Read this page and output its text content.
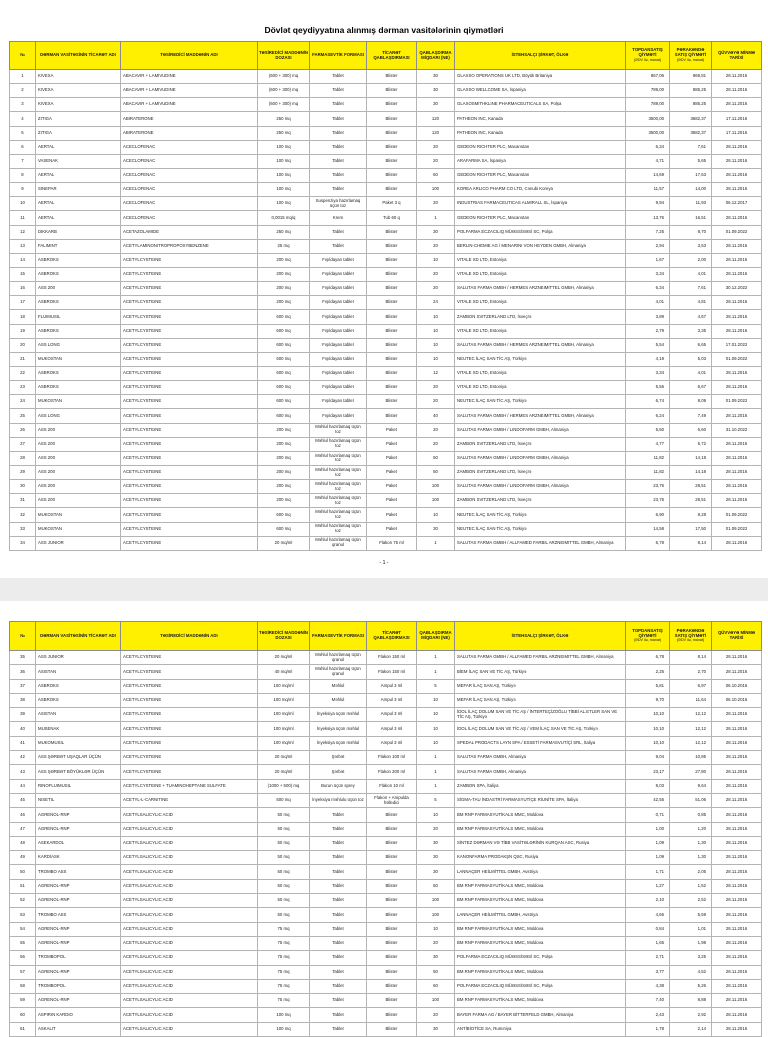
Dövlət qeydiyyatına alınmış dərman vasitələrinin qiymətləri
№	DƏRMAN VASİTƏSİNİN TİCARƏT ADI	TƏSİREDİCİ MADDƏNİN ADI	TƏSİREDİCİ MADDƏNİN DOZASI	FARMASEVTİK FORMASI	TİCARƏT QABLAŞDIRMASI	QABLAŞDIRMA MİQDARI (NE)	İSTEHSALÇI ŞİRKƏT, ÖLKƏ	TOPDANSATIŞ QİYMƏTİ
(ƏDV ilə, manat)	PƏRAKƏNDƏ SATIŞ QİYMƏTİ
(ƏDV ilə, manat)	QÜVVƏYƏ MİNMƏ TARİXİ
1	KIVEXA	ABACAVIR + LAMIVUDINE	(600 + 300) mq	Tablet	Blister	30	GLAXSO OPERATIONS UK LTD, Böyük Britaniya	867,06	969,81	28.11.2016
2	KIVEXA	ABACAVIR + LAMIVUDINE	(600 + 300) mq	Tablet	Blister	30	GLAXSO WELLCOME SA, İspaniya	789,00	885,25	28.11.2016
3	KIVEXA	ABACAVIR + LAMIVUDINE	(600 + 300) mq	Tablet	Blister	30	GLAXOSMITHKLINE PHARMACEUTICALS SA, Polşa	789,00	885,25	28.11.2016
4	ZITIGA	ABIRATERONE	250 mq	Tablet	Blister	120	PATHEON INC, Kanada	3500,00	3682,37	17.11.2016
5	ZITIGA	ABIRATERONE	250 mq	Tablet	Blister	120	PATHEON INC, Kanada	3500,00	3682,37	17.11.2016
6	AERTAL	ACECLOFENAC	100 mq	Tablet	Blister	20	GEDEON RICHTER PLC, Macarıstan	6,34	7,61	28.11.2016
7	VASENAK	ACECLOFENAC	100 mq	Tablet	Blister	20	ARAFARMA SA, İspaniya	4,71	5,65	28.11.2016
8	AERTAL	ACECLOFENAC	100 mq	Tablet	Blister	60	GEDEON RICHTER PLC, Macarıstan	14,69	17,63	28.11.2016
9	SINEPAR	ACECLOFENAC	100 mq	Tablet	Blister	100	KOREA ARLICO PHARM CO LTD, Cənubi Koreya	11,57	14,00	28.11.2016
10	AERTAL	ACECLOFENAC	100 mq	Suspenziya hazırlamaq üçün toz	Paket 3 q	20	INDUSTRIAS FARMACEUTICAS ALMIRALL SL, İspaniya	9,94	11,93	06.12.2017
11	AERTAL	ACECLOFENAC	0,0015 mq/q	Krem	Tub 60 q	1	GEDEON RICHTER PLC, Macarıstan	13,76	16,51	28.11.2016
12	DIKKARB	ACETAZOLAMIDE	250 mq	Tablet	Blister	30	POLFARMA ECZACILIQ MÜƏSSİSƏSİ SC, Polşa	7,25	8,70	01.09.2022
13	FALIMINT	ACETYLAMINONITROPROPOXYBENZENE	25 mq	Tablet	Blister	20	BERLIN-CHEMIE AG / MENARINI VON HEYDEN GMBH, Almaniya	2,94	3,53	28.11.2016
14	ASBROKS	ACETYLCYSTEINE	200 mq	Fışıldayan tablet	Blister	10	VITALE XD LTD, Estoniya	1,67	2,00	28.11.2016
15	ASBROKS	ACETYLCYSTEINE	200 mq	Fışıldayan tablet	Blister	20	VITALE XD LTD, Estoniya	3,34	4,01	28.11.2016
16	ASS 200	ACETYLCYSTEINE	200 mq	Fışıldayan tablet	Blister	20	SALUTAS FARMA GMBH / HERMES ARZNEIMITTEL GMBH, Almaniya	6,34	7,61	30.12.2022
17	ASBROKS	ACETYLCYSTEINE	200 mq	Fışıldayan tablet	Blister	24	VITALE XD LTD, Estoniya	4,01	4,81	28.11.2016
18	FLUIMUSIL	ACETYLCYSTEINE	600 mq	Fışıldayan tablet	Blister	10	ZAMBON SVITZERLAND LTD, İsveçrə	3,89	4,67	28.11.2016
19	ASBROKS	ACETYLCYSTEINE	600 mq	Fışıldayan tablet	Blister	10	VITALE XD LTD, Estoniya	2,79	3,35	28.11.2016
20	ASS LONG	ACETYLCYSTEINE	600 mq	Fışıldayan tablet	Blister	10	SALUTAS FARMA GMBH / HERMES ARZNEIMITTEL GMBH, Almaniya	5,54	6,65	17.01.2022
21	MUKOSTAN	ACETYLCYSTEINE	600 mq	Fışıldayan tablet	Blister	10	NEUTEC İLAÇ SAN TİC AŞ, Türkiyə	4,19	5,03	01.09.2022
22	ASBROKS	ACETYLCYSTEINE	600 mq	Fışıldayan tablet	Blister	12	VITALE XD LTD, Estoniya	3,34	4,01	28.11.2016
23	ASBROKS	ACETYLCYSTEINE	600 mq	Fışıldayan tablet	Blister	20	VITALE XD LTD, Estoniya	5,56	6,67	28.11.2016
24	MUKOSTAN	ACETYLCYSTEINE	600 mq	Fışıldayan tablet	Blister	20	NEUTEC İLAÇ SAN TİC AŞ, Türkiyə	6,74	8,09	01.09.2022
25	ASS LONG	ACETYLCYSTEINE	600 mq	Fışıldayan tablet	Blister	40	SALUTAS FARMA GMBH / HERMES ARZNEIMITTEL GMBH, Almaniya	6,24	7,49	28.11.2016
26	ASS 200	ACETYLCYSTEINE	200 mq	Məhlul hazırlamaq üçün toz	Paket	20	SALUTAS FARMA GMBH / LINDOFARM GMBH, Almaniya	5,50	6,60	31.10.2022
27	ASS 200	ACETYLCYSTEINE	200 mq	Məhlul hazırlamaq üçün toz	Paket	20	ZAMBON SVITZERLAND LTD, İsveçrə	4,77	5,72	28.11.2016
28	ASS 200	ACETYLCYSTEINE	200 mq	Məhlul hazırlamaq üçün toz	Paket	50	SALUTAS FARMA GMBH / LINDOFARM GMBH, Almaniya	11,82	14,18	28.11.2016
29	ASS 200	ACETYLCYSTEINE	200 mq	Məhlul hazırlamaq üçün toz	Paket	50	ZAMBON SVITZERLAND LTD, İsveçrə	11,82	14,18	28.11.2016
30	ASS 200	ACETYLCYSTEINE	200 mq	Məhlul hazırlamaq üçün toz	Paket	100	SALUTAS FARMA GMBH / LINDOFARM GMBH, Almaniya	23,76	28,51	28.11.2016
31	ASS 200	ACETYLCYSTEINE	200 mq	Məhlul hazırlamaq üçün toz	Paket	100	ZAMBON SVITZERLAND LTD, İsveçrə	23,76	28,51	28.11.2016
32	MUKOSTAN	ACETYLCYSTEINE	600 mq	Məhlul hazırlamaq üçün toz	Paket	10	NEUTEC İLAÇ SAN TİC AŞ, Türkiyə	6,90	8,28	01.09.2022
33	MUKOSTAN	ACETYLCYSTEINE	600 mq	Məhlul hazırlamaq üçün toz	Paket	30	NEUTEC İLAÇ SAN TİC AŞ, Türkiyə	14,58	17,50	01.09.2022
34	ASS JUNIOR	ACETYLCYSTEINE	20 mq/ml	Məhlul hazırlamaq üçün qranul	Flakon 75 ml	1	SALUTAS FARMA GMBH / ALLFAMED FARBIL ARZNEIMITTEL GMBH, Almaniya	6,78	8,14	28.11.2016
- 1 -
№	DƏRMAN VASİTƏSİNİN TİCARƏT ADI	TƏSİREDİCİ MADDƏNİN ADI	TƏSİREDİCİ MADDƏNİN DOZASI	FARMASEVTİK FORMASI	TİCARƏT QABLAŞDIRMASI	QABLAŞDIRMA MİQDARI (NE)	İSTEHSALÇI ŞİRKƏT, ÖLKƏ	TOPDANSATIŞ QİYMƏTİ
(ƏDV ilə, manat)	PƏRAKƏNDƏ SATIŞ QİYMƏTİ
(ƏDV ilə, manat)	QÜVVƏYƏ MİNMƏ TARİXİ
35	ASS JUNIOR	ACETYLCYSTEINE	20 mq/ml	Məhlul hazırlamaq üçün qranul	Flakon 150 ml	1	SALUTAS FARMA GMBH / ALLFAMED FARBIL ARZNEIMITTEL GMBH, Almaniya	6,78	8,14	28.11.2016
36	ASISTAN	ACETYLCYSTEINE	40 mq/ml	Məhlul hazırlamaq üçün qranul	Flakon 150 ml	1	BİEM İLAÇ SAN VE TİC AŞ, Türkiyə	2,25	2,70	28.11.2016
37	ASBROKS	ACETYLCYSTEINE	100 mq/ml	Məhlul	Ampul 3 ml	5	MEFAR İLAÇ SAN AŞ, Türkiyə	5,81	6,97	06.10.2016
38	ASBROKS	ACETYLCYSTEINE	100 mq/ml	Məhlul	Ampul 3 ml	10	MEFAR İLAÇ SAN AŞ, Türkiyə	9,70	11,64	06.10.2016
39	ASISTAN	ACETYLCYSTEINE	100 mq/ml	İnyeksiya üçün məhlul	Ampul 3 ml	10	İDOL İLAÇ DOLUM SAN VE TİC AŞ / İNTERTEÇİZOĞLU TİBBİ AL.ETLER SAN VE TİC AŞ, Türkiyə	10,10	12,12	28.11.2016
40	MUSENAK	ACETYLCYSTEINE	100 mq/ml	İnyeksiya üçün məhlul	Ampul 3 ml	10	İDOL İLAÇ DOLUM SAN VE TİC AŞ / VEM İLAÇ SAN VE TİC AŞ, Türkiyə	10,10	12,12	28.11.2016
41	MUKOMUSIL	ACETYLCYSTEINE	100 mq/ml	İnyeksiya üçün məhlul	Ampul 3 ml	10	SPEDAL PRODACTS LAYN SPA / ESSETİ FARMASVUTİÇİ SRL, İtaliya	10,10	12,12	28.11.2016
42	ASS ŞƏRBƏT UŞAQLAR ÜÇÜN	ACETYLCYSTEINE	20 mq/ml	Şərbət	Flakon 100 ml	1	SALUTAS FARMA GMBH, Almaniya	9,04	10,85	28.11.2016
43	ASS ŞƏRBƏT BÖYÜKLƏR ÜÇÜN	ACETYLCYSTEINE	20 mq/ml	Şərbət	Flakon 200 ml	1	SALUTAS FARMA GMBH, Almaniya	23,17	27,80	28.11.2016
44	RINOFLUIMUSIL	ACETYLCYSTEINE + TUAMINOHEPTANE SULFATE	(1000 + 500) mq	Burun üçün sprey	Flakon 10 ml	1	ZAMBON SPA, İtaliya	8,03	9,64	28.11.2016
45	NISETIL	ACETYL-L-CARNITINE	500 mq	İnyeksiya məhlulu üçün toz	Flakon + Ampulda həlledici	5	SİGMA-TAU İNDASTRİ FARMASYUTİÇE RİUNİTE SPA, İtaliya	42,55	51,06	28.11.2016
46	AGRENOL-RNP	ACETYLSALICYLIC ACID	50 mq	Tablet	Blister	10	BM RNP FARMASYUTİKALS MMC, Moldova	0,71	0,85	28.11.2016
47	AGRENOL-RNP	ACETYLSALICYLIC ACID	50 mq	Tablet	Blister	20	BM RNP FARMASYUTİKALS MMC, Moldova	1,00	1,20	28.11.2016
48	ASEKARDOL	ACETYLSALICYLIC ACID	50 mq	Tablet	Blister	30	SİNTEZ DƏRMAN VƏ TİBB VASİTƏLƏRİNİN KURQAN ASC, Rusiya	1,09	1,30	28.11.2016
49	KARDİASK	ACETYLSALICYLIC ACID	50 mq	Tablet	Blister	30	KANONFARMA PRODAKŞN QSC, Rusiya	1,09	1,30	28.11.2016
50	TROMBO ASS	ACETYLSALICYLIC ACID	50 mq	Tablet	Blister	30	LANNAÇER HEİLMİTTEL GMBH, Avstriya	1,71	2,05	28.11.2016
51	AGRENOL-RNP	ACETYLSALICYLIC ACID	50 mq	Tablet	Blister	50	BM RNP FARMASYUTİKALS MMC, Moldova	1,27	1,52	28.11.2016
52	AGRENOL-RNP	ACETYLSALICYLIC ACID	50 mq	Tablet	Blister	100	BM RNP FARMASYUTİKALS MMC, Moldova	2,10	2,52	28.11.2016
53	TROMBO ASS	ACETYLSALICYLIC ACID	50 mq	Tablet	Blister	100	LANNAÇER HEİLMİTTEL GMBH, Avstriya	4,66	5,59	28.11.2016
54	AGRENOL-RNP	ACETYLSALICYLIC ACID	75 mq	Tablet	Blister	10	BM RNP FARMASYUTİKALS MMC, Moldova	0,84	1,01	28.11.2016
55	AGRENOL-RNP	ACETYLSALICYLIC ACID	75 mq	Tablet	Blister	20	BM RNP FARMASYUTİKALS MMC, Moldova	1,65	1,98	28.11.2016
56	TROMBOPOL	ACETYLSALICYLIC ACID	75 mq	Tablet	Blister	30	POLFARMA ECZACILIQ MÜƏSSİSƏSİ SC, Polşa	2,71	3,25	28.11.2016
57	AGRENOL-RNP	ACETYLSALICYLIC ACID	75 mq	Tablet	Blister	50	BM RNP FARMASYUTİKALS MMC, Moldova	3,77	4,52	28.11.2016
58	TROMBOPOL	ACETYLSALICYLIC ACID	75 mq	Tablet	Blister	60	POLFARMA ECZACILIQ MÜƏSSİSƏSİ SC, Polşa	4,38	5,26	28.11.2016
59	AGRENOL-RNP	ACETYLSALICYLIC ACID	75 mq	Tablet	Blister	100	BM RNP FARMASYUTİKALS MMC, Moldova	7,40	8,88	28.11.2016
60	ASPIRIN KARDIO	ACETYLSALICYLIC ACID	100 mq	Tablet	Blister	20	BAYER FARMA AG / BAYER BİTTERFELD GMBH, Almaniya	2,43	2,92	28.11.2016
61	ASKALIT	ACETYLSALICYLIC ACID	100 mq	Tablet	Blister	30	ANTİBİOTİCE SA, Rumıniya	1,78	2,14	28.11.2016
